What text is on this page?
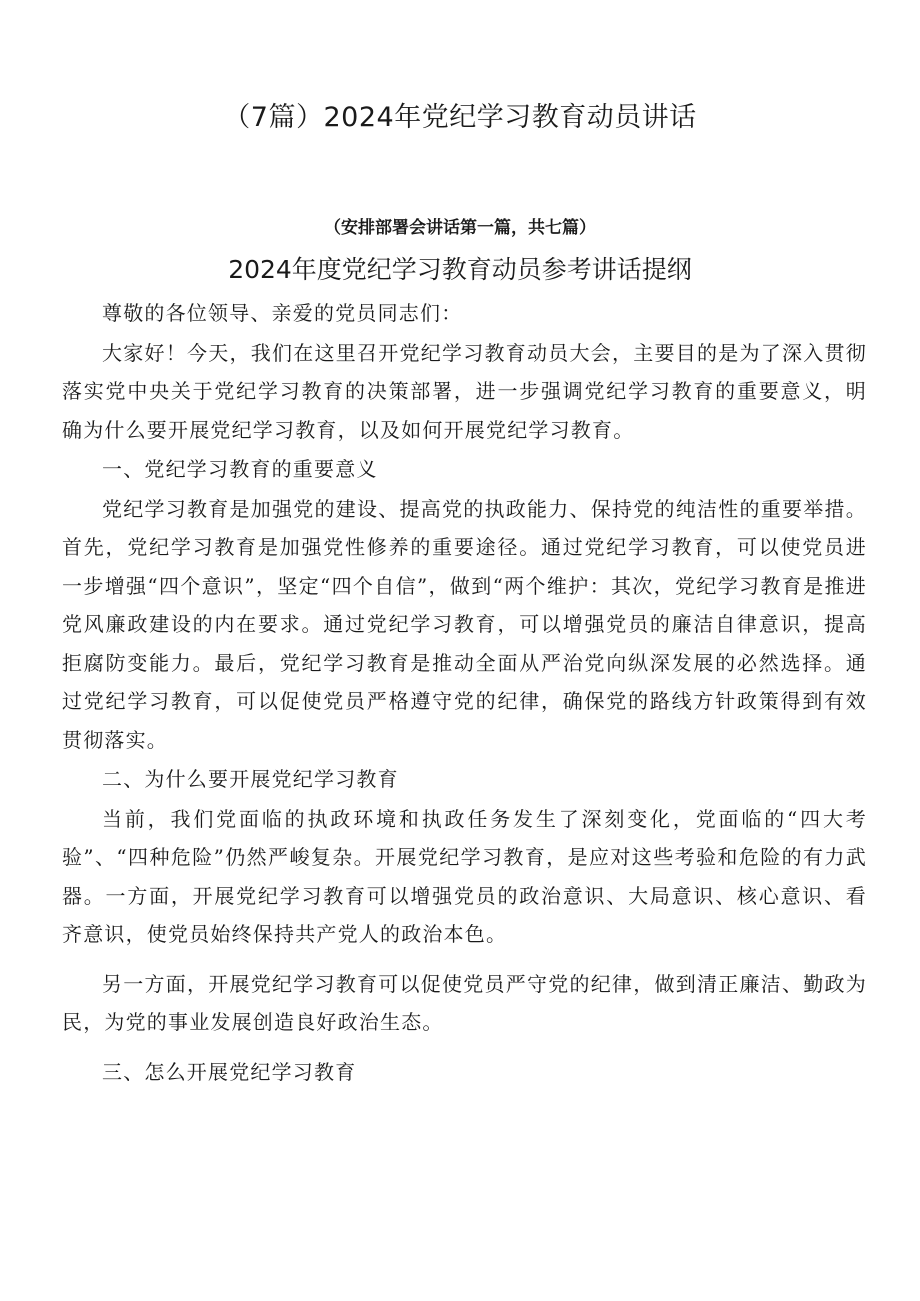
（7篇）2024年党纪学习教育动员讲话
（安排部署会讲话第一篇，共七篇）
2024年度党纪学习教育动员参考讲话提纲

尊敬的各位领导、亲爱的党员同志们：

大家好！今天，我们在这里召开党纪学习教育动员大会，主要目的是为了深入贯彻落实党中央关于党纪学习教育的决策部署，进一步强调党纪学习教育的重要意义，明确为什么要开展党纪学习教育，以及如何开展党纪学习教育。

一、党纪学习教育的重要意义

党纪学习教育是加强党的建设、提高党的执政能力、保持党的纯洁性的重要举措。首先，党纪学习教育是加强党性修养的重要途径。通过党纪学习教育，可以使党员进一步增强“四个意识”，坚定“四个自信”，做到“两个维护：其次，党纪学习教育是推进党风廉政建设的内在要求。通过党纪学习教育，可以增强党员的廉洁自律意识，提高拒腐防变能力。最后，党纪学习教育是推动全面从严治党向纵深发展的必然选择。通过党纪学习教育，可以促使党员严格遵守党的纪律，确保党的路线方针政策得到有效贯彻落实。

二、为什么要开展党纪学习教育

当前，我们党面临的执政环境和执政任务发生了深刻变化，党面临的“四大考验”、“四种危险”仍然严峻复杂。开展党纪学习教育，是应对这些考验和危险的有力武器。一方面，开展党纪学习教育可以增强党员的政治意识、大局意识、核心意识、看齐意识，使党员始终保持共产党人的政治本色。

另一方面，开展党纪学习教育可以促使党员严守党的纪律，做到清正廉洁、勤政为民，为党的事业发展创造良好政治生态。

三、怎么开展党纪学习教育
